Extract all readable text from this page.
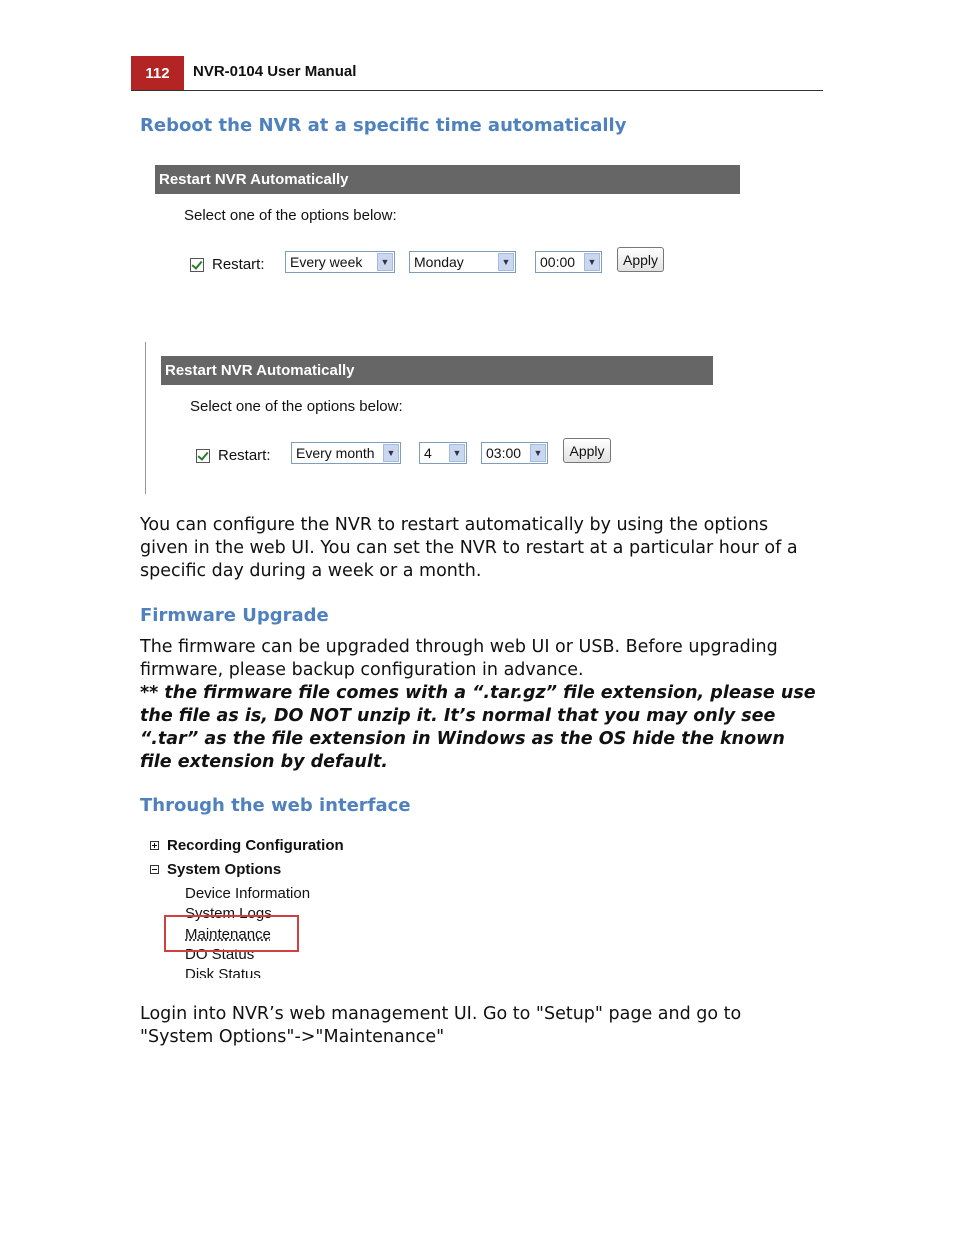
112	NVR-0104 User Manual
Reboot the NVR at a specific time automatically
Restart NVR Automatically
Select one of the options below:
Restart: Every week	▼ Monday	▼ 00:00	▼	Apply
Restart NVR Automatically
Select one of the options below:
Restart: Every month	▼ 4	▼ 03:00	▼	Apply
You can configure the NVR to restart automatically by using the options given in the web UI. You can set the NVR to restart at a particular hour of a specific day during a week or a month.
Firmware Upgrade
The firmware can be upgraded through web UI or USB. Before upgrading firmware, please backup configuration in advance.
** the firmware file comes with a “.tar.gz” file extension, please use the file as is, DO NOT unzip it. It’s normal that you may only see “.tar” as the file extension in Windows as the OS hide the known file extension by default.
Through the web interface
Recording Configuration
System Options
Device Information
System Logs
Maintenance
DO Status
Disk Status
Login into NVR’s web management UI. Go to "Setup" page and go to "System Options"->"Maintenance"
